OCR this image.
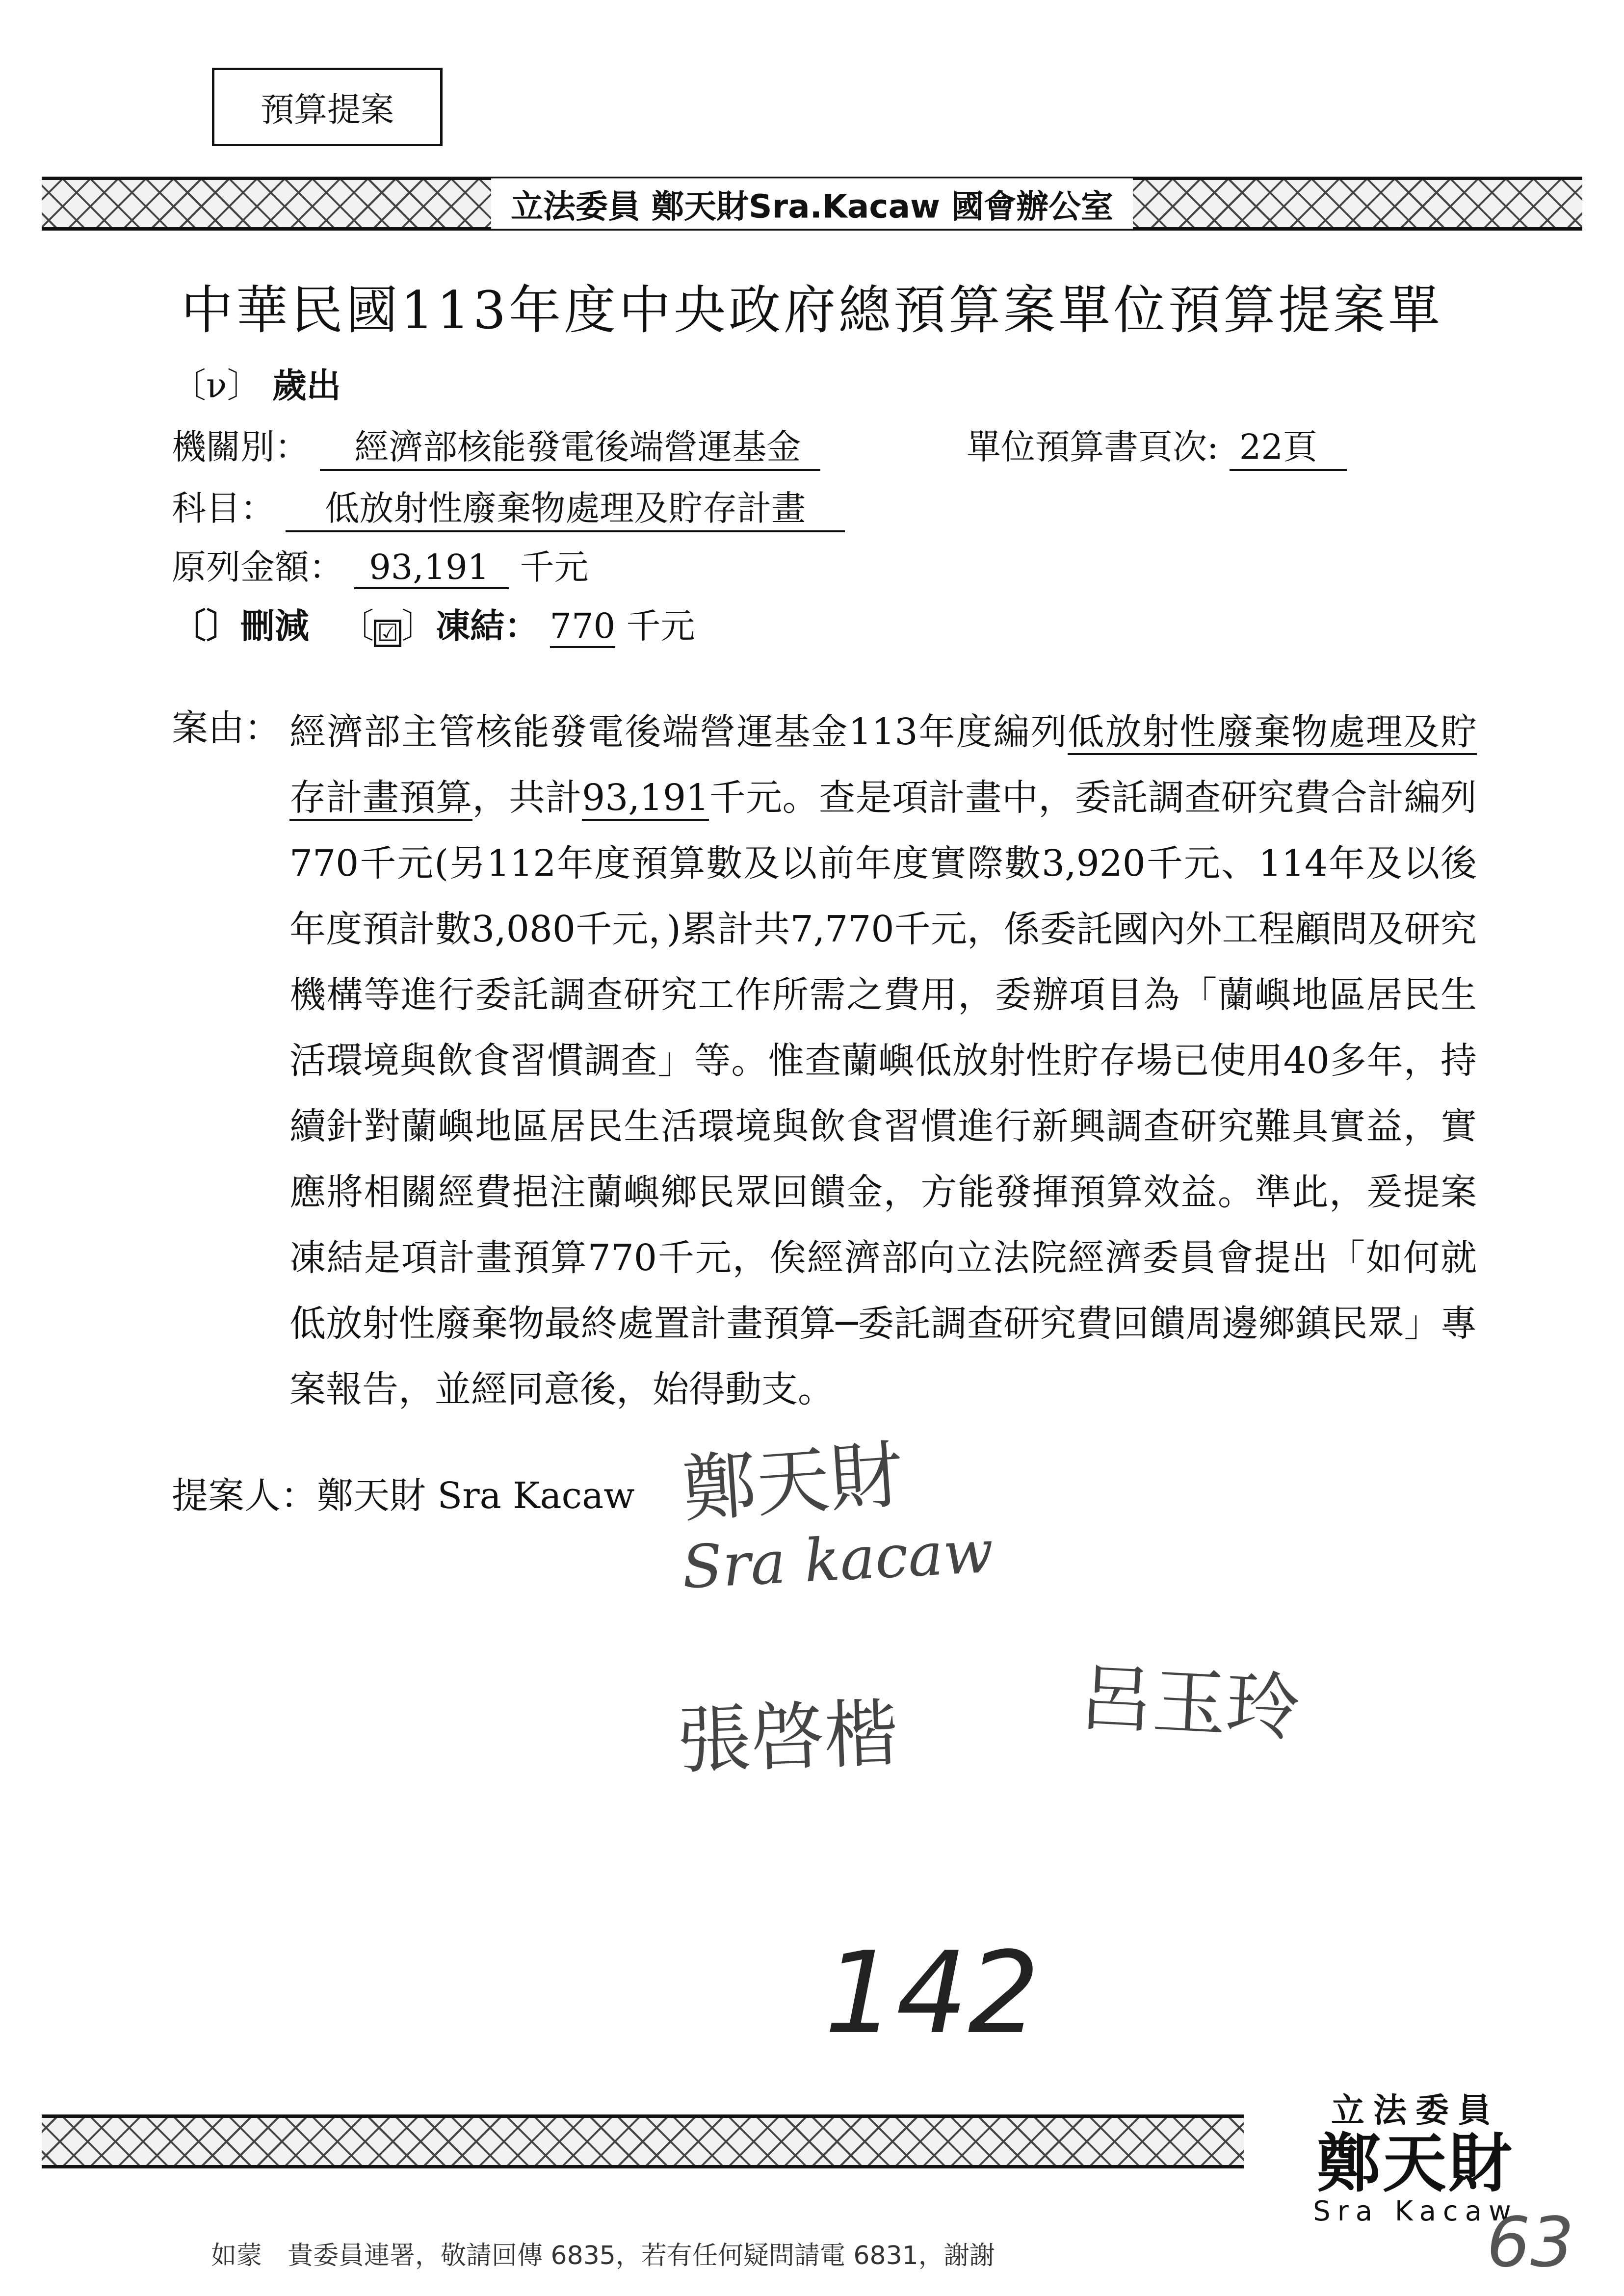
預算提案
立法委員 鄭天財Sra.Kacaw 國會辦公室
中華民國113年度中央政府總預算案單位預算提案單
〔ν〕 歲出
機關別： 經濟部核能發電後端營運基金	單位預算書頁次: 22頁
科目： 低放射性廢棄物處理及貯存計畫
原列金額： 93,191 千元
〔〕刪減 〔 ☑〕凍結： 770 千元
案由： 經濟部主管核能發電後端營運基金113年度編列低放射性廢棄物處理及貯存計畫預算，共計93,191千元。查是項計畫中，委託調查研究費合計編列770千元(另112年度預算數及以前年度實際數3,920千元、114年及以後年度預計數3,080千元，)累計共7,770千元，係委託國內外工程顧問及研究機構等進行委託調查研究工作所需之費用，委辦項目為「蘭嶼地區居民生活環境與飲食習慣調查」等。惟查蘭嶼低放射性貯存場已使用40多年，持續針對蘭嶼地區居民生活環境與飲食習慣進行新興調查研究難具實益，實應將相關經費挹注蘭嶼鄉民眾回饋金，方能發揮預算效益。準此，爰提案凍結是項計畫預算770千元，俟經濟部向立法院經濟委員會提出「如何就低放射性廢棄物最終處置計畫預算─委託調查研究費回饋周邊鄉鎮民眾」專案報告，並經同意後，始得動支。
提案人：鄭天財 Sra Kacaw 鄭天財
Sra kacaw
張啓楷 呂玉玲
142
立法委員
鄭天財
Sra Kacaw
如蒙　貴委員連署，敬請回傳 6835，若有任何疑問請電 6831，謝謝	63
